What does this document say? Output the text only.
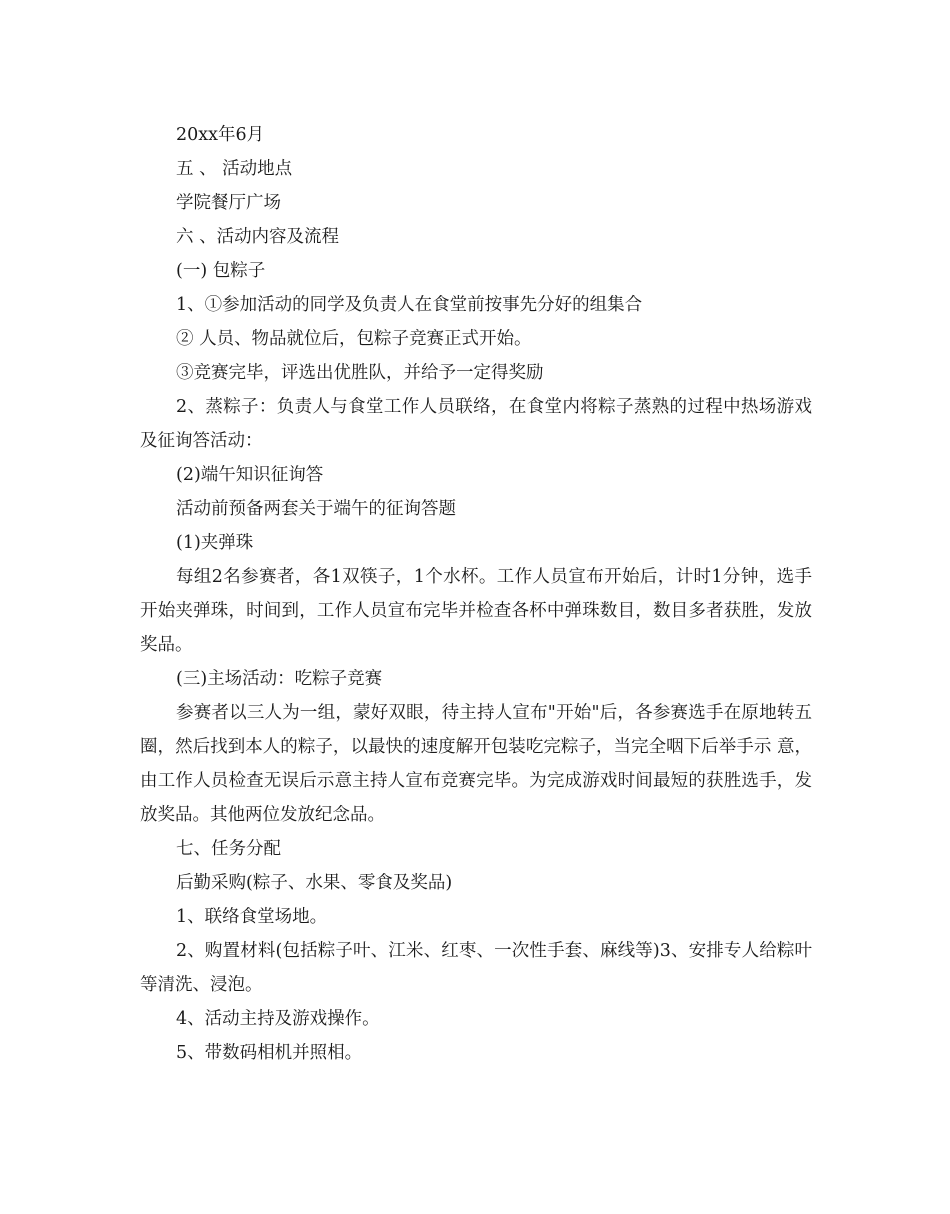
20xx年6月

五 、 活动地点

学院餐厅广场

六 、活动内容及流程

(一) 包粽子

1、①参加活动的同学及负责人在食堂前按事先分好的组集合

② 人员、物品就位后，包粽子竞赛正式开始。

③竞赛完毕，评选出优胜队，并给予一定得奖励

2、蒸粽子：负责人与食堂工作人员联络，在食堂内将粽子蒸熟的过程中热场游戏及征询答活动：

(2)端午知识征询答

活动前预备两套关于端午的征询答题

(1)夹弹珠

每组2名参赛者，各1双筷子，1个水杯。工作人员宣布开始后，计时1分钟，选手开始夹弹珠，时间到，工作人员宣布完毕并检查各杯中弹珠数目，数目多者获胜，发放奖品。

(三)主场活动：吃粽子竞赛

参赛者以三人为一组，蒙好双眼，待主持人宣布"开始"后，各参赛选手在原地转五圈，然后找到本人的粽子，以最快的速度解开包装吃完粽子，当完全咽下后举手示 意，由工作人员检查无误后示意主持人宣布竞赛完毕。为完成游戏时间最短的获胜选手，发放奖品。其他两位发放纪念品。

七、任务分配

后勤采购(粽子、水果、零食及奖品)

1、联络食堂场地。

2、购置材料(包括粽子叶、江米、红枣、一次性手套、麻线等)3、安排专人给粽叶等清洗、浸泡。

4、活动主持及游戏操作。

5、带数码相机并照相。
